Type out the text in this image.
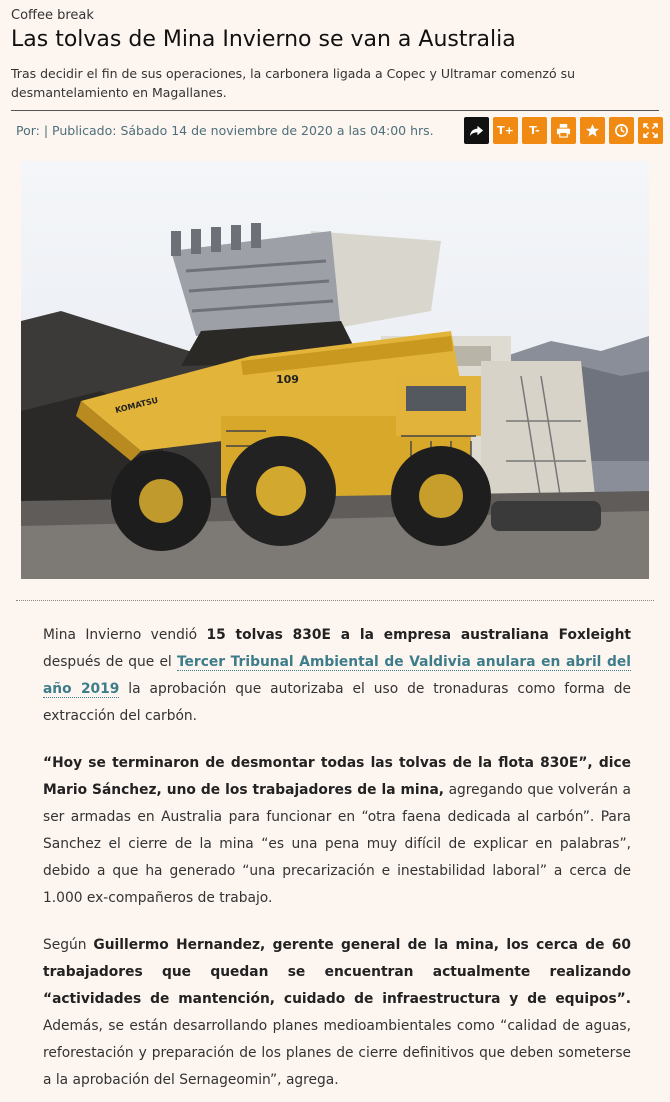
Coffee break
Las tolvas de Mina Invierno se van a Australia
Tras decidir el fin de sus operaciones, la carbonera ligada a Copec y Ultramar comenzó su desmantelamiento en Magallanes.
Por: | Publicado: Sábado 14 de noviembre de 2020 a las 04:00 hrs.	T+	T-
109
KOMATSU

Mina Invierno vendió 15 tolvas 830E a la empresa australiana Foxleight después de que el Tercer Tribunal Ambiental de Valdivia anulara en abril del año 2019 la aprobación que autorizaba el uso de tronaduras como forma de extracción del carbón.

“Hoy se terminaron de desmontar todas las tolvas de la flota 830E”, dice Mario Sánchez, uno de los trabajadores de la mina, agregando que volverán a ser armadas en Australia para funcionar en “otra faena dedicada al carbón”. Para Sanchez el cierre de la mina “es una pena muy difícil de explicar en palabras”, debido a que ha generado “una precarización e inestabilidad laboral” a cerca de 1.000 ex-compañeros de trabajo.

Según Guillermo Hernandez, gerente general de la mina, los cerca de 60 trabajadores que quedan se encuentran actualmente realizando “actividades de mantención, cuidado de infraestructura y de equipos”. Además, se están desarrollando planes medioambientales como “calidad de aguas, reforestación y preparación de los planes de cierre definitivos que deben someterse a la aprobación del Sernageomin”, agrega.
